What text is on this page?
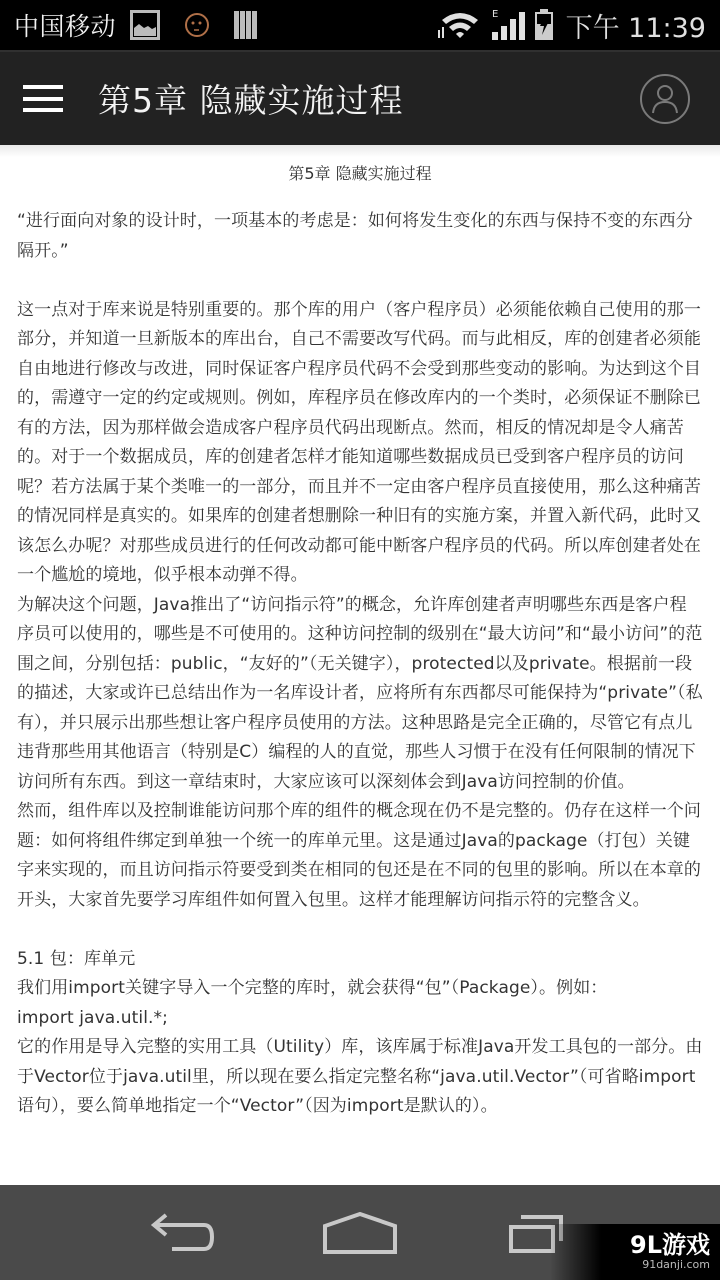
中国移动	E	下午 11:39
第5章 隐藏实施过程
第5章 隐藏实施过程
“进行面向对象的设计时，一项基本的考虑是：如何将发生变化的东西与保持不变的东西分隔开。”
这一点对于库来说是特别重要的。那个库的用户（客户程序员）必须能依赖自己使用的那一部分，并知道一旦新版本的库出台，自己不需要改写代码。而与此相反，库的创建者必须能自由地进行修改与改进，同时保证客户程序员代码不会受到那些变动的影响。为达到这个目的，需遵守一定的约定或规则。例如，库程序员在修改库内的一个类时，必须保证不删除已有的方法，因为那样做会造成客户程序员代码出现断点。然而，相反的情况却是令人痛苦的。对于一个数据成员，库的创建者怎样才能知道哪些数据成员已受到客户程序员的访问呢？若方法属于某个类唯一的一部分，而且并不一定由客户程序员直接使用，那么这种痛苦的情况同样是真实的。如果库的创建者想删除一种旧有的实施方案，并置入新代码，此时又该怎么办呢？对那些成员进行的任何改动都可能中断客户程序员的代码。所以库创建者处在一个尴尬的境地，似乎根本动弹不得。
为解决这个问题，Java推出了“访问指示符”的概念，允许库创建者声明哪些东西是客户程序员可以使用的，哪些是不可使用的。这种访问控制的级别在“最大访问”和“最小访问”的范围之间，分别包括：public，“友好的”（无关键字），protected以及private。根据前一段的描述，大家或许已总结出作为一名库设计者，应将所有东西都尽可能保持为“private”（私有），并只展示出那些想让客户程序员使用的方法。这种思路是完全正确的，尽管它有点儿违背那些用其他语言（特别是C）编程的人的直觉，那些人习惯于在没有任何限制的情况下访问所有东西。到这一章结束时，大家应该可以深刻体会到Java访问控制的价值。
然而，组件库以及控制谁能访问那个库的组件的概念现在仍不是完整的。仍存在这样一个问题：如何将组件绑定到单独一个统一的库单元里。这是通过Java的package（打包）关键字来实现的，而且访问指示符要受到类在相同的包还是在不同的包里的影响。所以在本章的开头，大家首先要学习库组件如何置入包里。这样才能理解访问指示符的完整含义。
5.1 包：库单元
我们用import关键字导入一个完整的库时，就会获得“包”（Package）。例如：
import java.util.*;
它的作用是导入完整的实用工具（Utility）库，该库属于标准Java开发工具包的一部分。由于Vector位于java.util里，所以现在要么指定完整名称“java.util.Vector”（可省略import语句），要么简单地指定一个“Vector”（因为import是默认的）。
9L游戏
91danji.com
